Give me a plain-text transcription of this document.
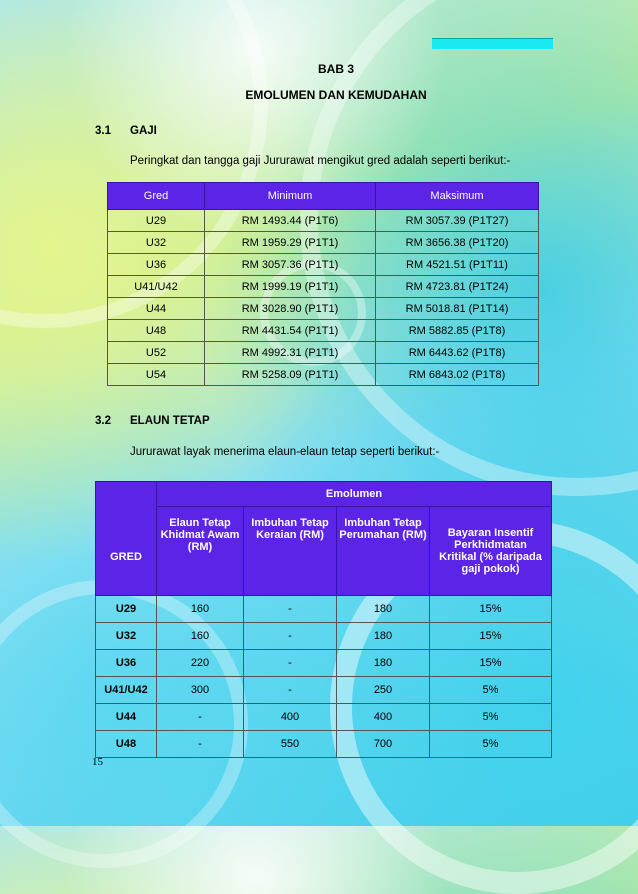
BAB 3
EMOLUMEN DAN KEMUDAHAN
3.1 GAJI
Peringkat dan tangga gaji Jururawat mengikut gred adalah seperti berikut:-
Gred	Minimum	Maksimum
U29	RM 1493.44 (P1T6)	RM 3057.39 (P1T27)
U32	RM 1959.29 (P1T1)	RM 3656.38 (P1T20)
U36	RM 3057.36 (P1T1)	RM 4521.51 (P1T11)
U41/U42	RM 1999.19 (P1T1)	RM 4723.81 (P1T24)
U44	RM 3028.90 (P1T1)	RM 5018.81 (P1T14)
U48	RM 4431.54 (P1T1)	RM 5882.85 (P1T8)
U52	RM 4992.31 (P1T1)	RM 6443.62 (P1T8)
U54	RM 5258.09 (P1T1)	RM 6843.02 (P1T8)
3.2 ELAUN TETAP
Jururawat layak menerima elaun-elaun tetap seperti berikut:-
GRED	Emolumen			
	Elaun Tetap Khidmat Awam (RM)	Imbuhan Tetap Keraian (RM)	Imbuhan Tetap Perumahan (RM)	Bayaran Insentif Perkhidmatan Kritikal (% daripada gaji pokok)
U29	160	-	180	15%
U32	160	-	180	15%
U36	220	-	180	15%
U41/U42	300	-	250	5%
U44	-	400	400	5%
U48	-	550	700	5%
15
